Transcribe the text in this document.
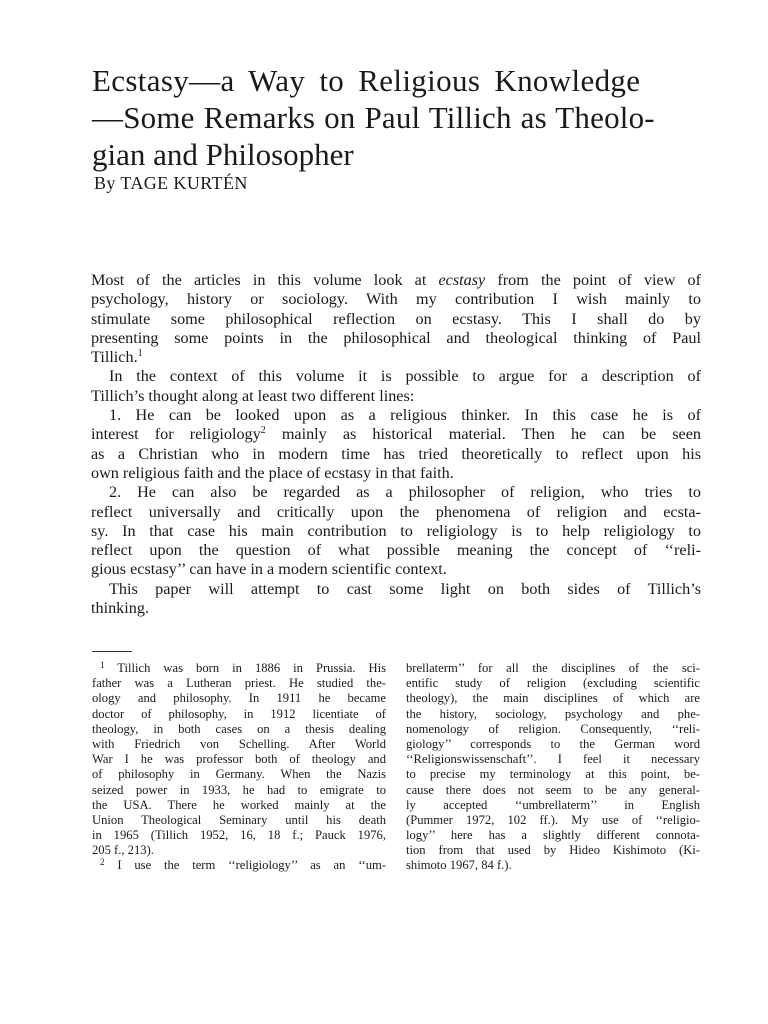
Ecstasy—a Way to Religious Knowledge
—Some Remarks on Paul Tillich as Theolo-
gian and Philosopher

By TAGE KURTÉN

Most of the articles in this volume look at ecstasy from the point of view of
psychology, history or sociology. With my contribution I wish mainly to
stimulate some philosophical reflection on ecstasy. This I shall do by
presenting some points in the philosophical and theological thinking of Paul
Tillich.$^1$
In the context of this volume it is possible to argue for a description of
Tillich’s thought along at least two different lines:
1. He can be looked upon as a religious thinker. In this case he is of
interest for religiology$^2$ mainly as historical material. Then he can be seen
as a Christian who in modern time has tried theoretically to reflect upon his
own religious faith and the place of ecstasy in that faith.
2. He can also be regarded as a philosopher of religion, who tries to
reflect universally and critically upon the phenomena of religion and ecsta-
sy. In that case his main contribution to religiology is to help religiology to
reflect upon the question of what possible meaning the concept of ‘‘reli-
gious ecstasy’’ can have in a modern scientific context.
This paper will attempt to cast some light on both sides of Tillich’s
thinking.
$^1$ Tillich was born in 1886 in Prussia. His
father was a Lutheran priest. He studied the-
ology and philosophy. In 1911 he became
doctor of philosophy, in 1912 licentiate of
theology, in both cases on a thesis dealing
with Friedrich von Schelling. After World
War I he was professor both of theology and
of philosophy in Germany. When the Nazis
seized power in 1933, he had to emigrate to
the USA. There he worked mainly at the
Union Theological Seminary until his death
in 1965 (Tillich 1952, 16, 18 f.; Pauck 1976,
205 f., 213).
$^2$ I use the term ‘‘religiology’’ as an ‘‘um-
brellaterm’’ for all the disciplines of the sci-
entific study of religion (excluding scientific
theology), the main disciplines of which are
the history, sociology, psychology and phe-
nomenology of religion. Consequently, ‘‘reli-
giology’’ corresponds to the German word
‘‘Religionswissenschaft’’. I feel it necessary
to precise my terminology at this point, be-
cause there does not seem to be any general-
ly accepted ‘‘umbrellaterm’’ in English
(Pummer 1972, 102 ff.). My use of ‘‘religio-
logy’’ here has a slightly different connota-
tion from that used by Hideo Kishimoto (Ki-
shimoto 1967, 84 f.).
